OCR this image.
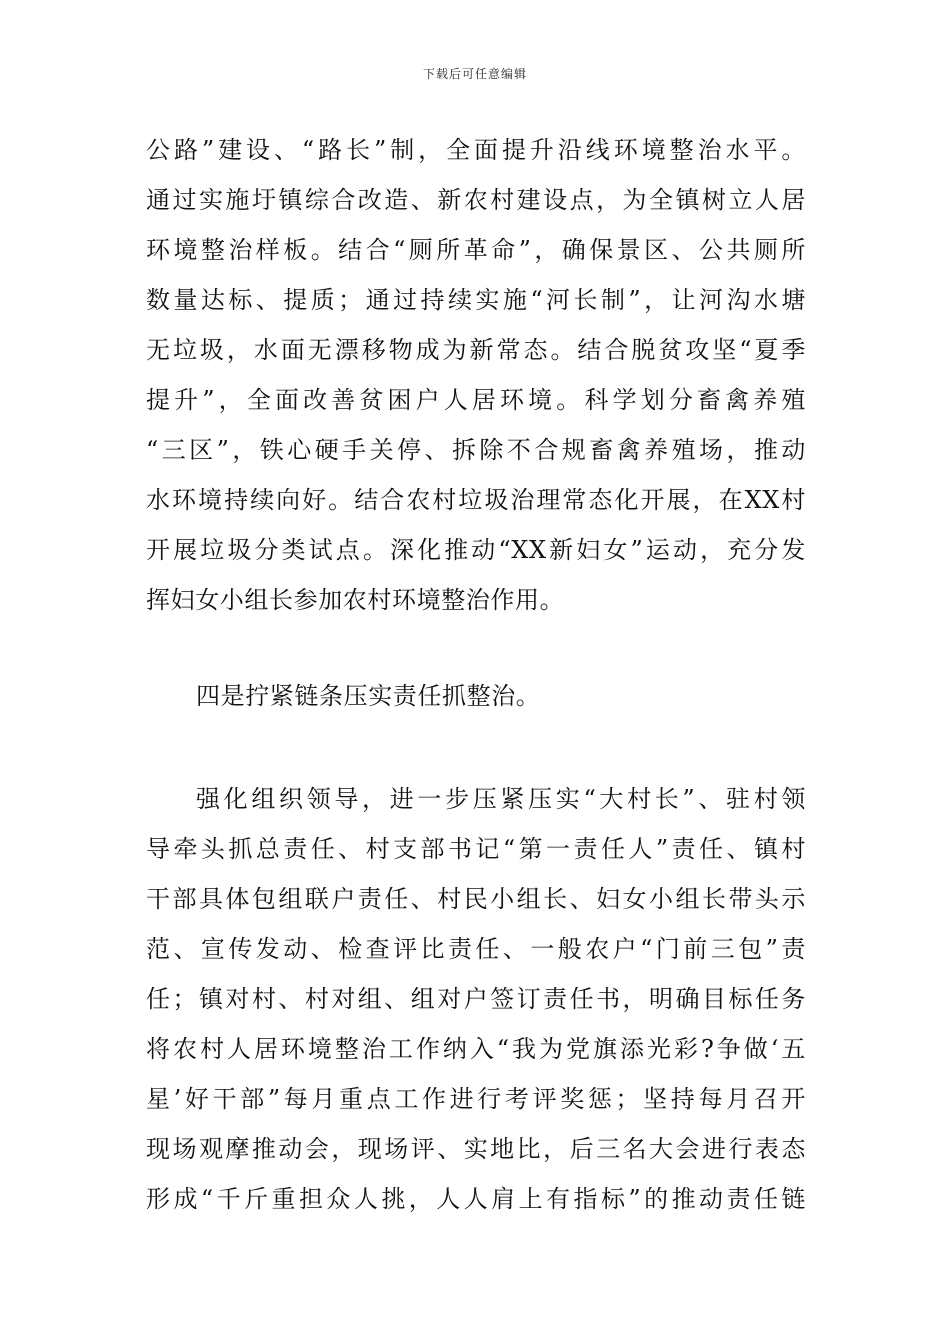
下载后可任意编辑
公路”建设、“路长”制，全面提升沿线环境整治水平。
通过实施圩镇综合改造、新农村建设点，为全镇树立人居
环境整治样板。结合“厕所革命”，确保景区、公共厕所
数量达标、提质；通过持续实施“河长制”，让河沟水塘
无垃圾，水面无漂移物成为新常态。结合脱贫攻坚“夏季
提升”，全面改善贫困户人居环境。科学划分畜禽养殖
“三区”，铁心硬手关停、拆除不合规畜禽养殖场，推动
水环境持续向好。结合农村垃圾治理常态化开展，在XX村
开展垃圾分类试点。深化推动“XX新妇女”运动，充分发
挥妇女小组长参加农村环境整治作用。
四是拧紧链条压实责任抓整治。
强化组织领导，进一步压紧压实“大村长”、驻村领
导牵头抓总责任、村支部书记“第一责任人”责任、镇村
干部具体包组联户责任、村民小组长、妇女小组长带头示
范、宣传发动、检查评比责任、一般农户“门前三包”责
任；镇对村、村对组、组对户签订责任书，明确目标任务
将农村人居环境整治工作纳入“我为党旗添光彩?争做‘五
星’好干部”每月重点工作进行考评奖惩；坚持每月召开
现场观摩推动会，现场评、实地比，后三名大会进行表态
形成“千斤重担众人挑，人人肩上有指标”的推动责任链
